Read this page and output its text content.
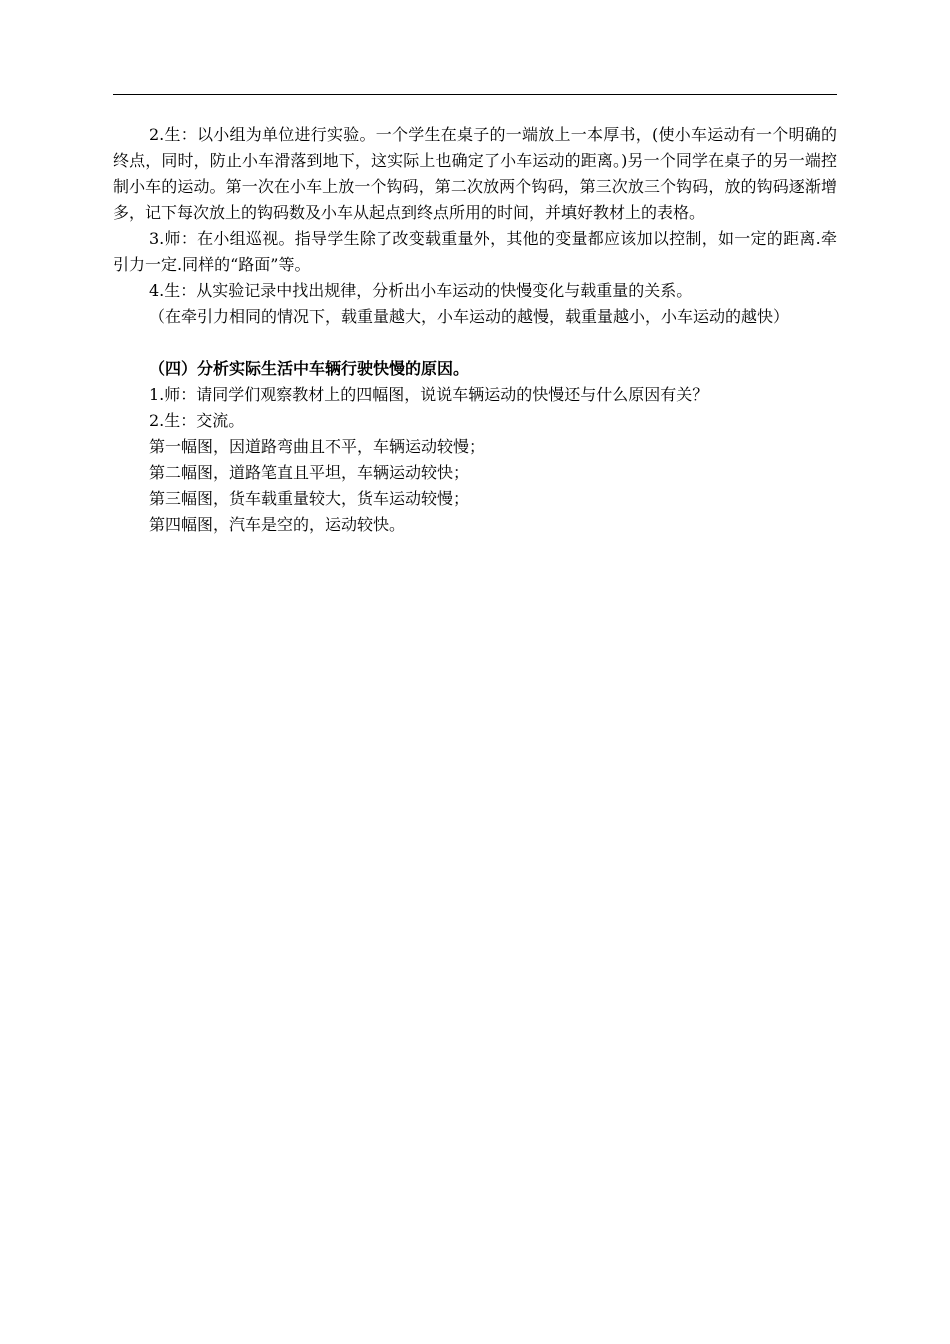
2.生：以小组为单位进行实验。一个学生在桌子的一端放上一本厚书，(使小车运动有一个明确的终点，同时，防止小车滑落到地下，这实际上也确定了小车运动的距离。)另一个同学在桌子的另一端控制小车的运动。第一次在小车上放一个钩码，第二次放两个钩码，第三次放三个钩码，放的钩码逐渐增多，记下每次放上的钩码数及小车从起点到终点所用的时间，并填好教材上的表格。

3.师：在小组巡视。指导学生除了改变载重量外，其他的变量都应该加以控制，如一定的距离.牵引力一定.同样的“路面”等。

4.生：从实验记录中找出规律，分析出小车运动的快慢变化与载重量的关系。

（在牵引力相同的情况下，载重量越大，小车运动的越慢，载重量越小，小车运动的越快）

（四）分析实际生活中车辆行驶快慢的原因。

1.师：请同学们观察教材上的四幅图，说说车辆运动的快慢还与什么原因有关？

2.生：交流。

第一幅图，因道路弯曲且不平，车辆运动较慢；

第二幅图，道路笔直且平坦，车辆运动较快；

第三幅图，货车载重量较大，货车运动较慢；

第四幅图，汽车是空的，运动较快。
